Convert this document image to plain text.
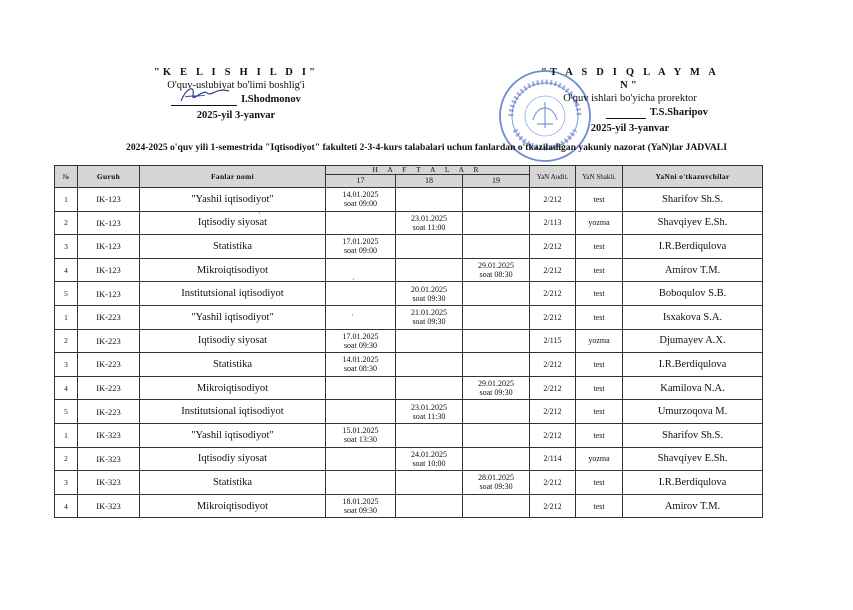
"K E L I S H I L D I"
O'quv-uslubiyat bo'limi boshlig'i
I.Shodmonov
2025-yil 3-yanvar
"T A S D I Q L A Y M A N"
O'quv ishlari bo'yicha prorektor
T.S.Sharipov
2025-yil 3-yanvar
2024-2025 o'quv yili 1-semestrida "Iqtisodiyot" fakulteti 2-3-4-kurs talabalari uchun fanlardan o'tkaziladigan yakuniy nazorat (YaN)lar JADVALI
№	Guruh	Fanlar nomi	H A F T A L A R			YaN Audit.	YaN Shakli.	YaNni o'tkazuvchilar
			17	18	19			
1	IK-123	"Yashil iqtisodiyot"	14.01.2025
soat 09:00			2/212	test	Sharifov Sh.S.
2	IK-123	Iqtisodiy siyosat		23.01.2025
soat 11:00		2/113	yozma	Shavqiyev E.Sh.
3	IK-123	Statistika	17.01.2025
soat 09:00			2/212	test	I.R.Berdiqulova
4	IK-123	Mikroiqtisodiyot			29.01.2025
soat 08:30	2/212	test	Amirov T.M.
5	IK-123	Institutsional iqtisodiyot		20.01.2025
soat 09:30		2/212	test	Boboqulov S.B.
1	IK-223	"Yashil iqtisodiyot"		21.01.2025
soat 09:30		2/212	test	Isxakova S.A.
2	IK-223	Iqtisodiy siyosat	17.01.2025
soat 09:30			2/115	yozma	Djumayev A.X.
3	IK-223	Statistika	14.01.2025
soat 08:30			2/212	test	I.R.Berdiqulova
4	IK-223	Mikroiqtisodiyot			29.01.2025
soat 09:30	2/212	test	Kamilova N.A.
5	IK-223	Institutsional iqtisodiyot		23.01.2025
soat 11:30		2/212	test	Umurzoqova M.
1	IK-323	"Yashil iqtisodiyot"	15.01.2025
soat 13:30			2/212	test	Sharifov Sh.S.
2	IK-323	Iqtisodiy siyosat		24.01.2025
soat 10:00		2/114	yozma	Shavqiyev E.Sh.
3	IK-323	Statistika			28.01.2025
soat 09:30	2/212	test	I.R.Berdiqulova
4	IK-323	Mikroiqtisodiyot	18.01.2025
soat 09:30			2/212	test	Amirov T.M.
·
·
·
